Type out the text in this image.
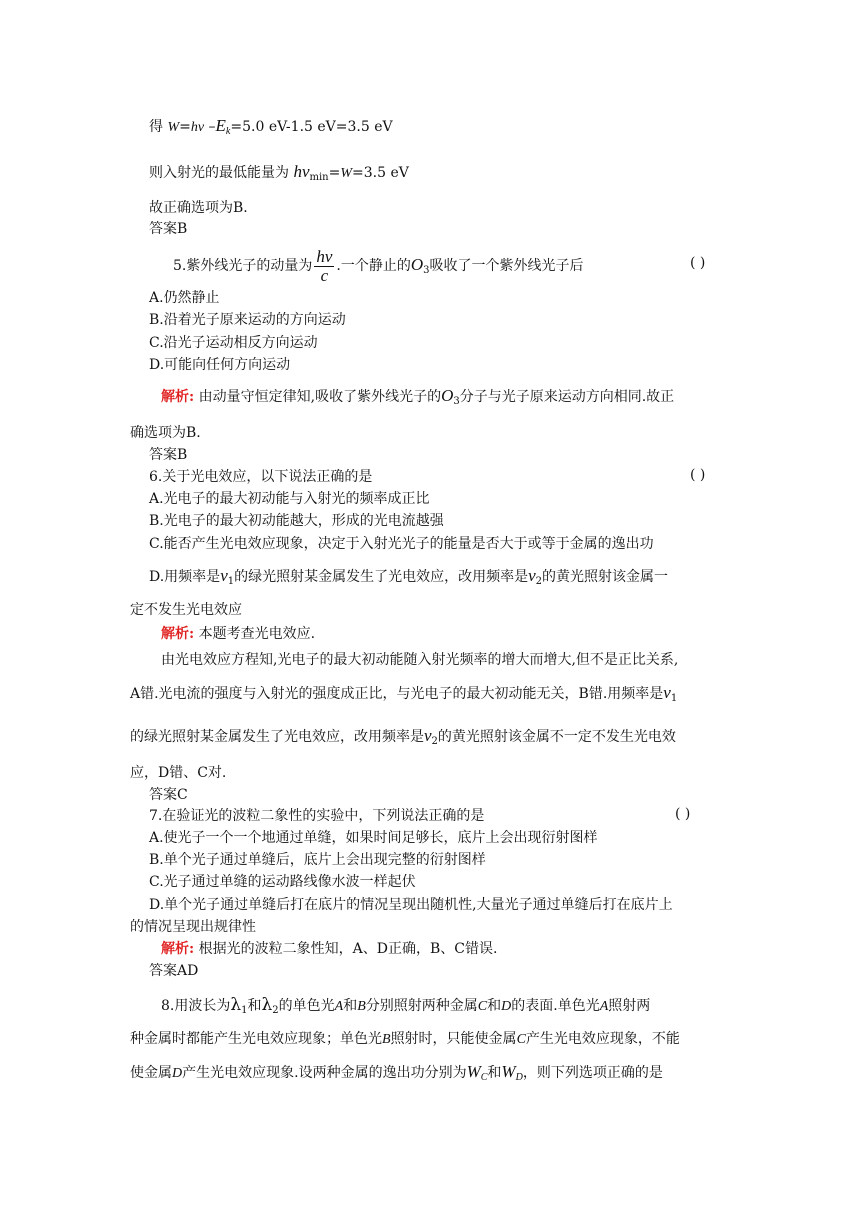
得 W=hν $-E_k=5.0$ eV-1.5 eV=3.5 eV
则入射光的最低能量为 $h\nu_{min}=W=3.5$ eV
故正确选项为B.
答案B
5.紫外线光子的动量为 $\frac{h\nu}{c}$ .一个静止的$O_3$吸收了一个紫外线光子后	( )
A.仍然静止
B.沿着光子原来运动的方向运动
C.沿光子运动相反方向运动
D.可能向任何方向运动
解析: 由动量守恒定律知,吸收了紫外线光子的$O_3$分子与光子原来运动方向相同.故正
确选项为B.
答案B
6.关于光电效应，以下说法正确的是	( )
A.光电子的最大初动能与入射光的频率成正比
B.光电子的最大初动能越大，形成的光电流越强
C.能否产生光电效应现象，决定于入射光光子的能量是否大于或等于金属的逸出功
D.用频率是$v_1$的绿光照射某金属发生了光电效应，改用频率是$v_2$的黄光照射该金属一
定不发生光电效应
解析: 本题考查光电效应.
由光电效应方程知,光电子的最大初动能随入射光频率的增大而增大,但不是正比关系,
A错.光电流的强度与入射光的强度成正比，与光电子的最大初动能无关，B错.用频率是$v_1$
的绿光照射某金属发生了光电效应，改用频率是$v_2$的黄光照射该金属不一定不发生光电效
应，D错、C对.
答案C
7.在验证光的波粒二象性的实验中，下列说法正确的是	( )
A.使光子一个一个地通过单缝，如果时间足够长，底片上会出现衍射图样
B.单个光子通过单缝后，底片上会出现完整的衍射图样
C.光子通过单缝的运动路线像水波一样起伏
D.单个光子通过单缝后打在底片的情况呈现出随机性,大量光子通过单缝后打在底片上
的情况呈现出规律性
解析: 根据光的波粒二象性知，A、D正确，B、C错误.
答案AD
8.用波长为$\lambda_1$和$\lambda_2$的单色光A和B分别照射两种金属C和D的表面.单色光A照射两
种金属时都能产生光电效应现象；单色光B照射时，只能使金属C产生光电效应现象，不能
使金属D产生光电效应现象.设两种金属的逸出功分别为$W_C$和$W_D$，则下列选项正确的是
